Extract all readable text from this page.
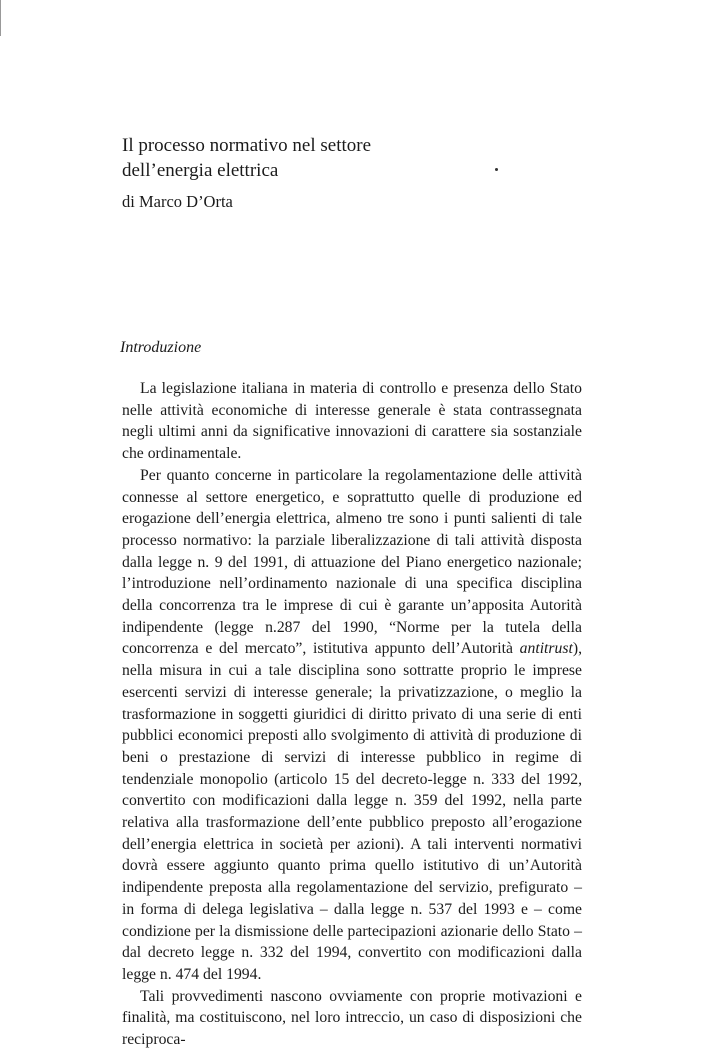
Il processo normativo nel settore
dell’energia elettrica
di Marco D’Orta
Introduzione

La legislazione italiana in materia di controllo e presenza dello Stato nelle attività economiche di interesse generale è stata contrassegnata negli ultimi anni da significative innovazioni di carattere sia sostanziale che ordinamentale.

Per quanto concerne in particolare la regolamentazione delle attività connesse al settore energetico, e soprattutto quelle di produzione ed erogazione dell’energia elettrica, almeno tre sono i punti salienti di tale processo normativo: la parziale liberalizzazione di tali attività disposta dalla legge n. 9 del 1991, di attuazione del Piano energetico nazionale; l’introduzione nell’ordinamento nazionale di una specifica disciplina della concorrenza tra le imprese di cui è garante un’apposita Autorità indipendente (legge n.287 del 1990, “Norme per la tutela della concorrenza e del mercato”, istitutiva appunto dell’Autorità antitrust), nella misura in cui a tale disciplina sono sottratte proprio le imprese esercenti servizi di interesse generale; la privatizzazione, o meglio la trasformazione in soggetti giuridici di diritto privato di una serie di enti pubblici economici preposti allo svolgimento di attività di produzione di beni o prestazione di servizi di interesse pubblico in regime di tendenziale monopolio (articolo 15 del decreto-legge n. 333 del 1992, convertito con modificazioni dalla legge n. 359 del 1992, nella parte relativa alla trasformazione dell’ente pubblico preposto all’erogazione dell’energia elettrica in società per azioni). A tali interventi normativi dovrà essere aggiunto quanto prima quello istitutivo di un’Autorità indipendente preposta alla regolamentazione del servizio, prefigurato – in forma di delega legislativa – dalla legge n. 537 del 1993 e – come condizione per la dismissione delle partecipazioni azionarie dello Stato – dal decreto legge n. 332 del 1994, convertito con modificazioni dalla legge n. 474 del 1994.

Tali provvedimenti nascono ovviamente con proprie motivazioni e finalità, ma costituiscono, nel loro intreccio, un caso di disposizioni che reciproca-
